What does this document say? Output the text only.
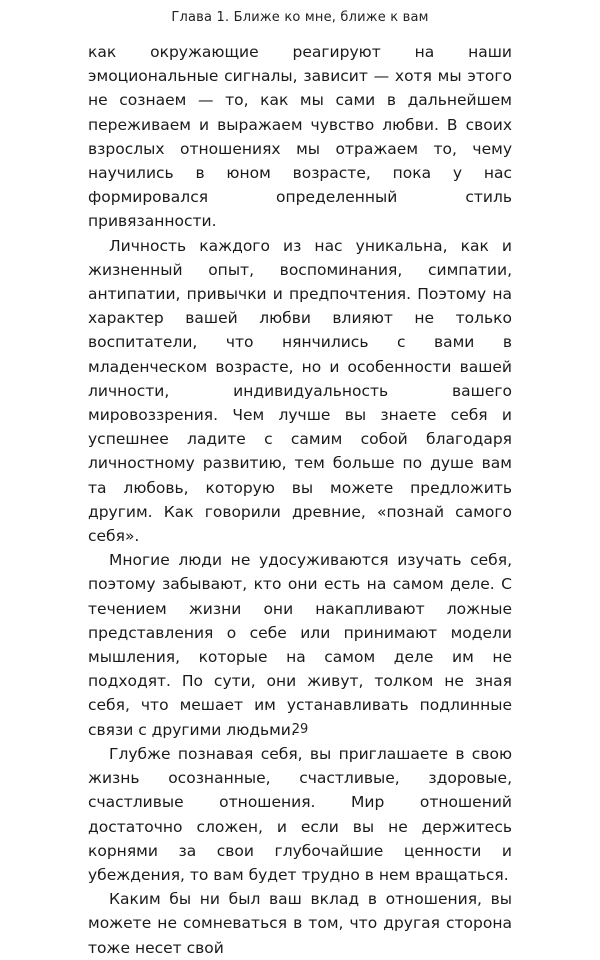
Глава 1. Ближе ко мне, ближе к вам

как окружающие реагируют на наши эмоциональные сигналы, зависит — хотя мы этого не сознаем — то, как мы сами в дальнейшем переживаем и выражаем чувство любви. В своих взрослых отношениях мы отражаем то, чему научились в юном возрасте, пока у нас формировался определенный стиль привязанности.

Личность каждого из нас уникальна, как и жизненный опыт, воспоминания, симпатии, антипатии, привычки и предпочтения. Поэтому на характер вашей любви влияют не только воспитатели, что нянчились с вами в младенческом возрасте, но и особенности вашей личности, индивидуальность вашего мировоззрения. Чем лучше вы знаете себя и успешнее ладите с самим собой благодаря личностному развитию, тем больше по душе вам та любовь, которую вы можете предложить другим. Как говорили древние, «познай самого себя».

Многие люди не удосуживаются изучать себя, поэтому забывают, кто они есть на самом деле. С течением жизни они накапливают ложные представления о себе или принимают модели мышления, которые на самом деле им не подходят. По сути, они живут, толком не зная себя, что мешает им устанавливать подлинные связи с другими людьми.

Глубже познавая себя, вы приглашаете в свою жизнь осознанные, счастливые, здоровые, счастливые отношения. Мир отношений достаточно сложен, и если вы не держитесь корнями за свои глубочайшие ценности и убеждения, то вам будет трудно в нем вращаться.

Каким бы ни был ваш вклад в отношения, вы можете не сомневаться в том, что другая сторона тоже несет свой

29
